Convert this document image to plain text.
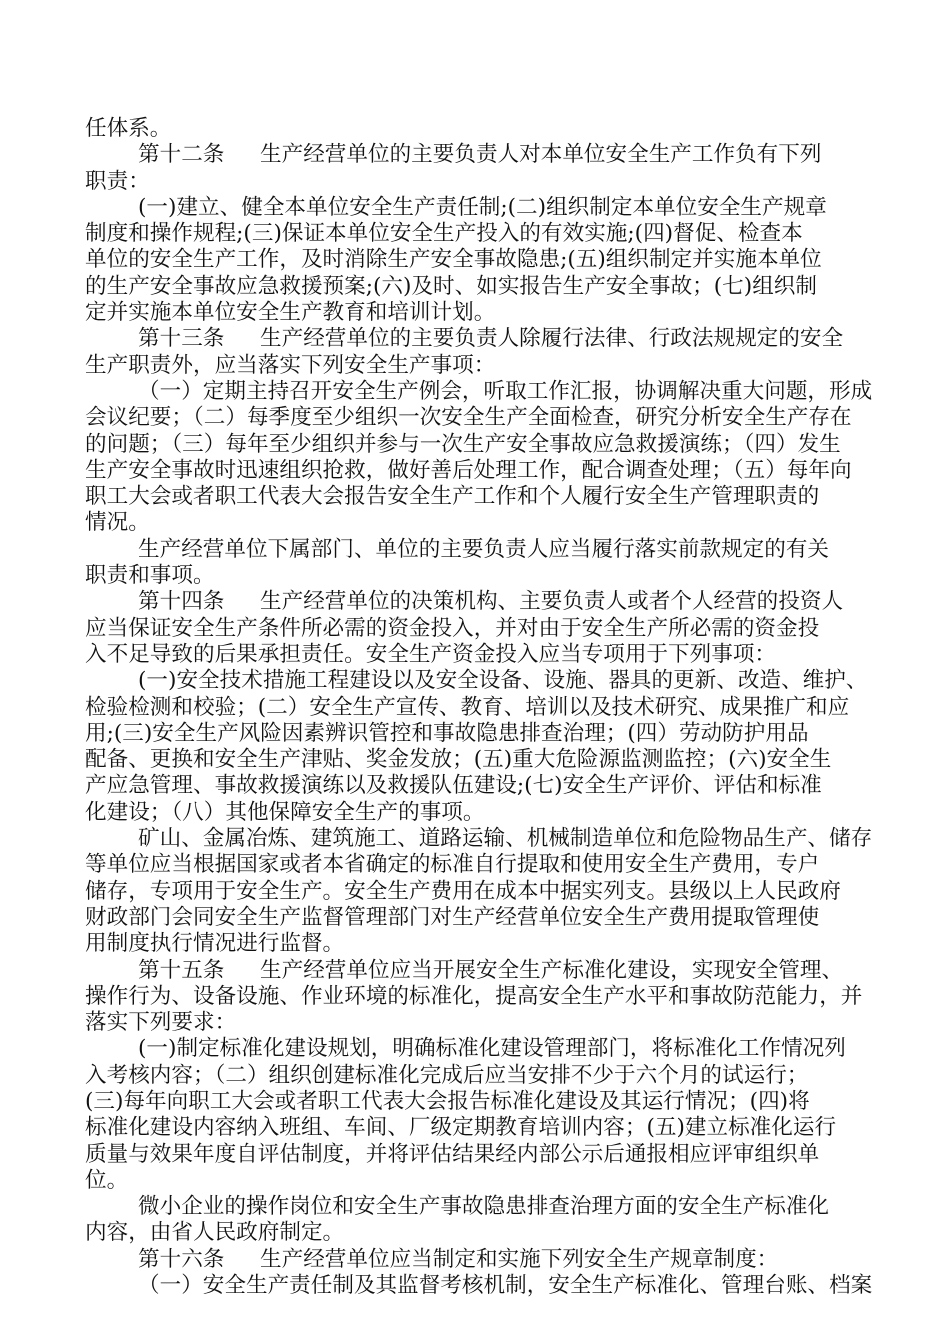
任体系。
第十二条 生产经营单位的主要负责人对本单位安全生产工作负有下列
职责：
(一)建立、健全本单位安全生产责任制;(二)组织制定本单位安全生产规章
制度和操作规程;(三)保证本单位安全生产投入的有效实施;(四)督促、检查本
单位的安全生产工作，及时消除生产安全事故隐患;(五)组织制定并实施本单位
的生产安全事故应急救援预案;(六)及时、如实报告生产安全事故；(七)组织制
定并实施本单位安全生产教育和培训计划。
第十三条 生产经营单位的主要负责人除履行法律、行政法规规定的安全
生产职责外，应当落实下列安全生产事项：
（一）定期主持召开安全生产例会，听取工作汇报，协调解决重大问题，形成
会议纪要；（二）每季度至少组织一次安全生产全面检查，研究分析安全生产存在
的问题；（三）每年至少组织并参与一次生产安全事故应急救援演练；（四）发生
生产安全事故时迅速组织抢救，做好善后处理工作，配合调查处理；（五）每年向
职工大会或者职工代表大会报告安全生产工作和个人履行安全生产管理职责的
情况。
生产经营单位下属部门、单位的主要负责人应当履行落实前款规定的有关
职责和事项。
第十四条 生产经营单位的决策机构、主要负责人或者个人经营的投资人
应当保证安全生产条件所必需的资金投入，并对由于安全生产所必需的资金投
入不足导致的后果承担责任。安全生产资金投入应当专项用于下列事项：
(一)安全技术措施工程建设以及安全设备、设施、器具的更新、改造、维护、
检验检测和校验；(二）安全生产宣传、教育、培训以及技术研究、成果推广和应
用;(三)安全生产风险因素辨识管控和事故隐患排查治理；(四）劳动防护用品
配备、更换和安全生产津贴、奖金发放；(五)重大危险源监测监控；(六)安全生
产应急管理、事故救援演练以及救援队伍建设;(七)安全生产评价、评估和标准
化建设；（八）其他保障安全生产的事项。
矿山、金属冶炼、建筑施工、道路运输、机械制造单位和危险物品生产、储存
等单位应当根据国家或者本省确定的标准自行提取和使用安全生产费用，专户
储存，专项用于安全生产。安全生产费用在成本中据实列支。县级以上人民政府
财政部门会同安全生产监督管理部门对生产经营单位安全生产费用提取管理使
用制度执行情况进行监督。
第十五条 生产经营单位应当开展安全生产标准化建设，实现安全管理、
操作行为、设备设施、作业环境的标准化，提高安全生产水平和事故防范能力，并
落实下列要求：
(一)制定标准化建设规划，明确标准化建设管理部门，将标准化工作情况列
入考核内容；（二）组织创建标准化完成后应当安排不少于六个月的试运行；
(三)每年向职工大会或者职工代表大会报告标准化建设及其运行情况；(四)将
标准化建设内容纳入班组、车间、厂级定期教育培训内容；(五)建立标准化运行
质量与效果年度自评估制度，并将评估结果经内部公示后通报相应评审组织单
位。
微小企业的操作岗位和安全生产事故隐患排查治理方面的安全生产标准化
内容，由省人民政府制定。
第十六条 生产经营单位应当制定和实施下列安全生产规章制度：
（一）安全生产责任制及其监督考核机制，安全生产标准化、管理台账、档案
